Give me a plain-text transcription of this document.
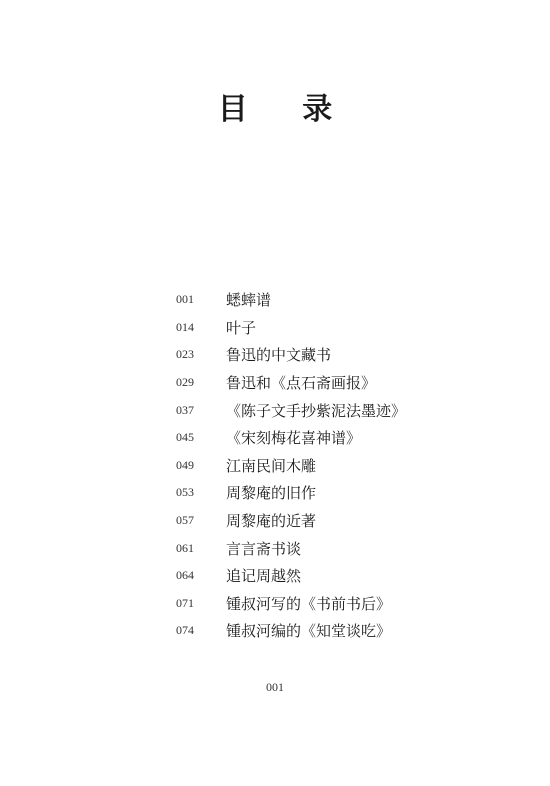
目 录
001	蟋蟀谱
014	叶子
023	鲁迅的中文藏书
029	鲁迅和《点石斋画报》
037	《陈子文手抄紫泥法墨迹》
045	《宋刻梅花喜神谱》
049	江南民间木雕
053	周黎庵的旧作
057	周黎庵的近著
061	言言斋书谈
064	追记周越然
071	锺叔河写的《书前书后》
074	锺叔河编的《知堂谈吃》
001
